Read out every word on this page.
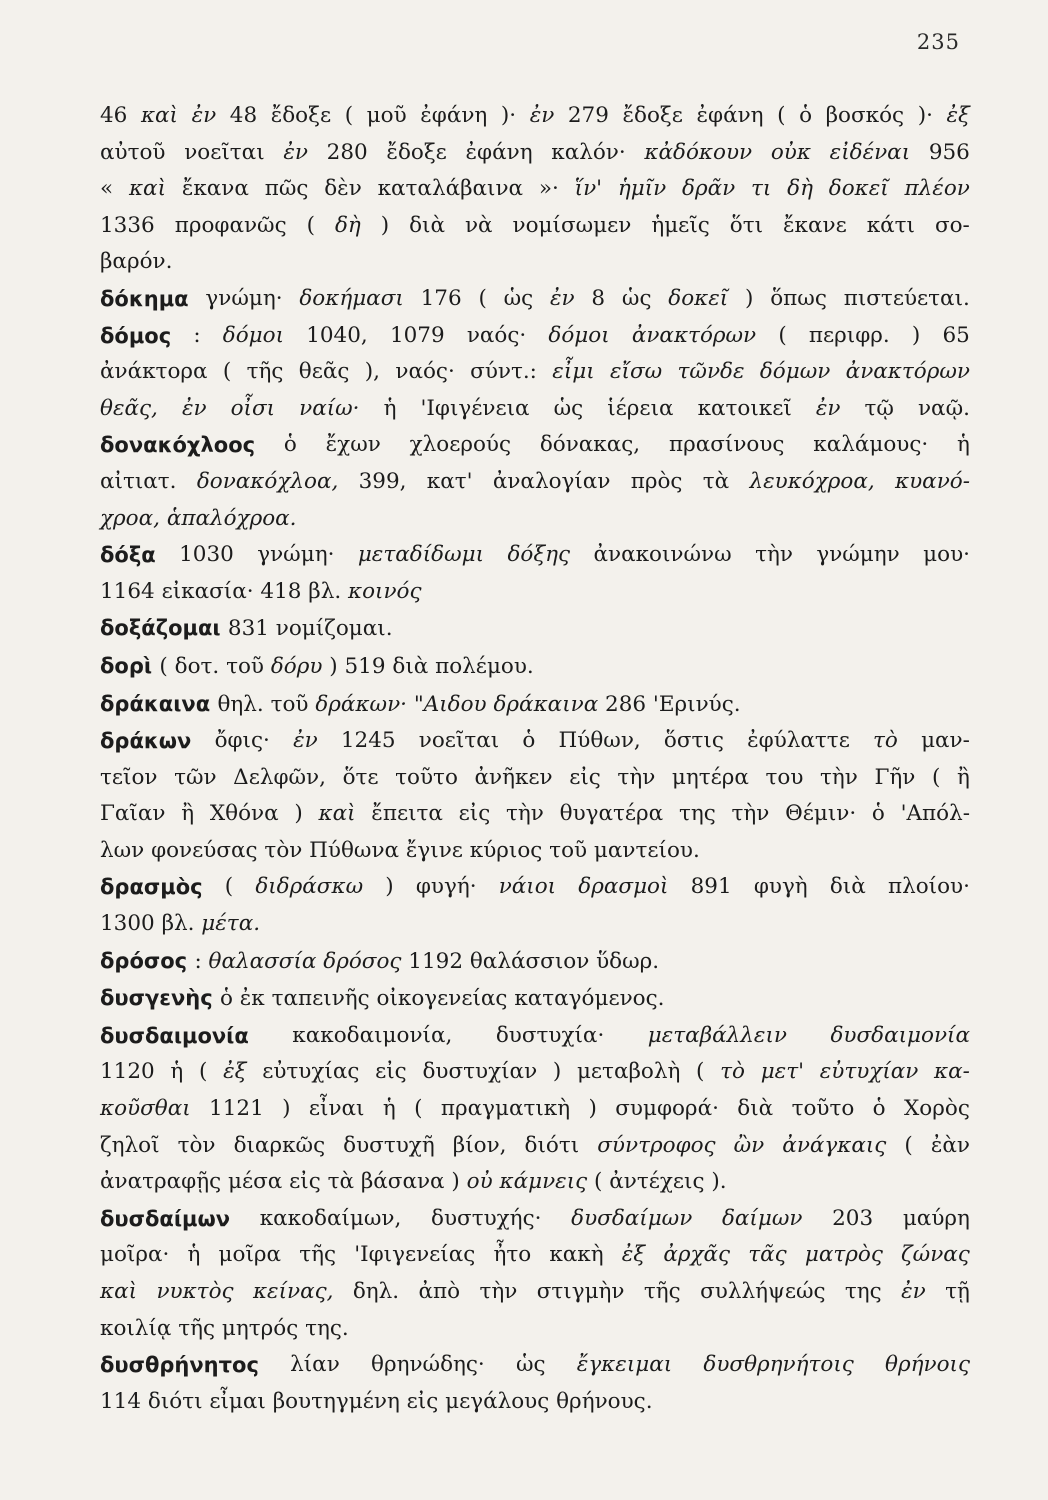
235
46 καὶ ἐν 48 ἔδοξε ( μοῦ ἐφάνη )· ἐν 279 ἔδοξε ἐφάνη ( ὁ βοσκός )· ἐξ
αὐτοῦ νοεῖται ἐν 280 ἔδοξε ἐφάνη καλόν· κἀδόκουν οὐκ εἰδέναι 956
« καὶ ἔκανα πῶς δὲν καταλάβαινα »· ἵν' ἡμῖν δρᾶν τι δὴ δοκεῖ πλέον
1336 προφανῶς ( δὴ ) διὰ νὰ νομίσωμεν ἡμεῖς ὅτι ἔκανε κάτι σο-
βαρόν.
δόκημα γνώμη· δοκήμασι 176 ( ὡς ἐν 8 ὡς δοκεῖ ) ὅπως πιστεύεται.
δόμος : δόμοι 1040, 1079 ναός· δόμοι ἀνακτόρων ( περιφρ. ) 65
ἀνάκτορα ( τῆς θεᾶς ), ναός· σύντ.: εἶμι εἴσω τῶνδε δόμων ἀνακτόρων
θεᾶς, ἐν οἶσι ναίω· ἡ 'Ιφιγένεια ὡς ἱέρεια κατοικεῖ ἐν τῷ ναῷ.
δονακόχλοος ὁ ἔχων χλοερούς δόνακας, πρασίνους καλάμους· ἡ
αἰτιατ. δονακόχλοα, 399, κατ' ἀναλογίαν πρὸς τὰ λευκόχροα, κυανό-
χροα, ἁπαλόχροα.
δόξα 1030 γνώμη· μεταδίδωμι δόξης ἀνακοινώνω τὴν γνώμην μου·
1164 εἰκασία· 418 βλ. κοινός
δοξάζομαι 831 νομίζομαι.
δορὶ ( δοτ. τοῦ δόρυ ) 519 διὰ πολέμου.
δράκαινα θηλ. τοῦ δράκων· "Αιδου δράκαινα 286 'Ερινύς.
δράκων ὄφις· ἐν 1245 νοεῖται ὁ Πύθων, ὅστις ἐφύλαττε τὸ μαν-
τεῖον τῶν Δελφῶν, ὅτε τοῦτο ἀνῆκεν εἰς τὴν μητέρα του τὴν Γῆν ( ἢ
Γαῖαν ἢ Χθόνα ) καὶ ἔπειτα εἰς τὴν θυγατέρα της τὴν Θέμιν· ὁ 'Απόλ-
λων φονεύσας τὸν Πύθωνα ἔγινε κύριος τοῦ μαντείου.
δρασμὸς ( διδράσκω ) φυγή· νάιοι δρασμοὶ 891 φυγὴ διὰ πλοίου·
1300 βλ. μέτα.
δρόσος : θαλασσία δρόσος 1192 θαλάσσιον ὕδωρ.
δυσγενὴς ὁ ἐκ ταπεινῆς οἰκογενείας καταγόμενος.
δυσδαιμονία κακοδαιμονία, δυστυχία· μεταβάλλειν δυσδαιμονία
1120 ἡ ( ἐξ εὐτυχίας εἰς δυστυχίαν ) μεταβολὴ ( τὸ μετ' εὐτυχίαν κα-
κοῦσθαι 1121 ) εἶναι ἡ ( πραγματικὴ ) συμφορά· διὰ τοῦτο ὁ Χορὸς
ζηλοῖ τὸν διαρκῶς δυστυχῆ βίον, διότι σύντροφος ὢν ἀνάγκαις ( ἐὰν
ἀνατραφῇς μέσα εἰς τὰ βάσανα ) οὐ κάμνεις ( ἀντέχεις ).
δυσδαίμων κακοδαίμων, δυστυχής· δυσδαίμων δαίμων 203 μαύρη
μοῖρα· ἡ μοῖρα τῆς 'Ιφιγενείας ἦτο κακὴ ἐξ ἀρχᾶς τᾶς ματρὸς ζώνας
καὶ νυκτὸς κείνας, δηλ. ἀπὸ τὴν στιγμὴν τῆς συλλήψεώς της ἐν τῇ
κοιλίᾳ τῆς μητρός της.
δυσθρήνητος λίαν θρηνώδης· ὡς ἔγκειμαι δυσθρηνήτοις θρήνοις
114 διότι εἶμαι βουτηγμένη εἰς μεγάλους θρήνους.
